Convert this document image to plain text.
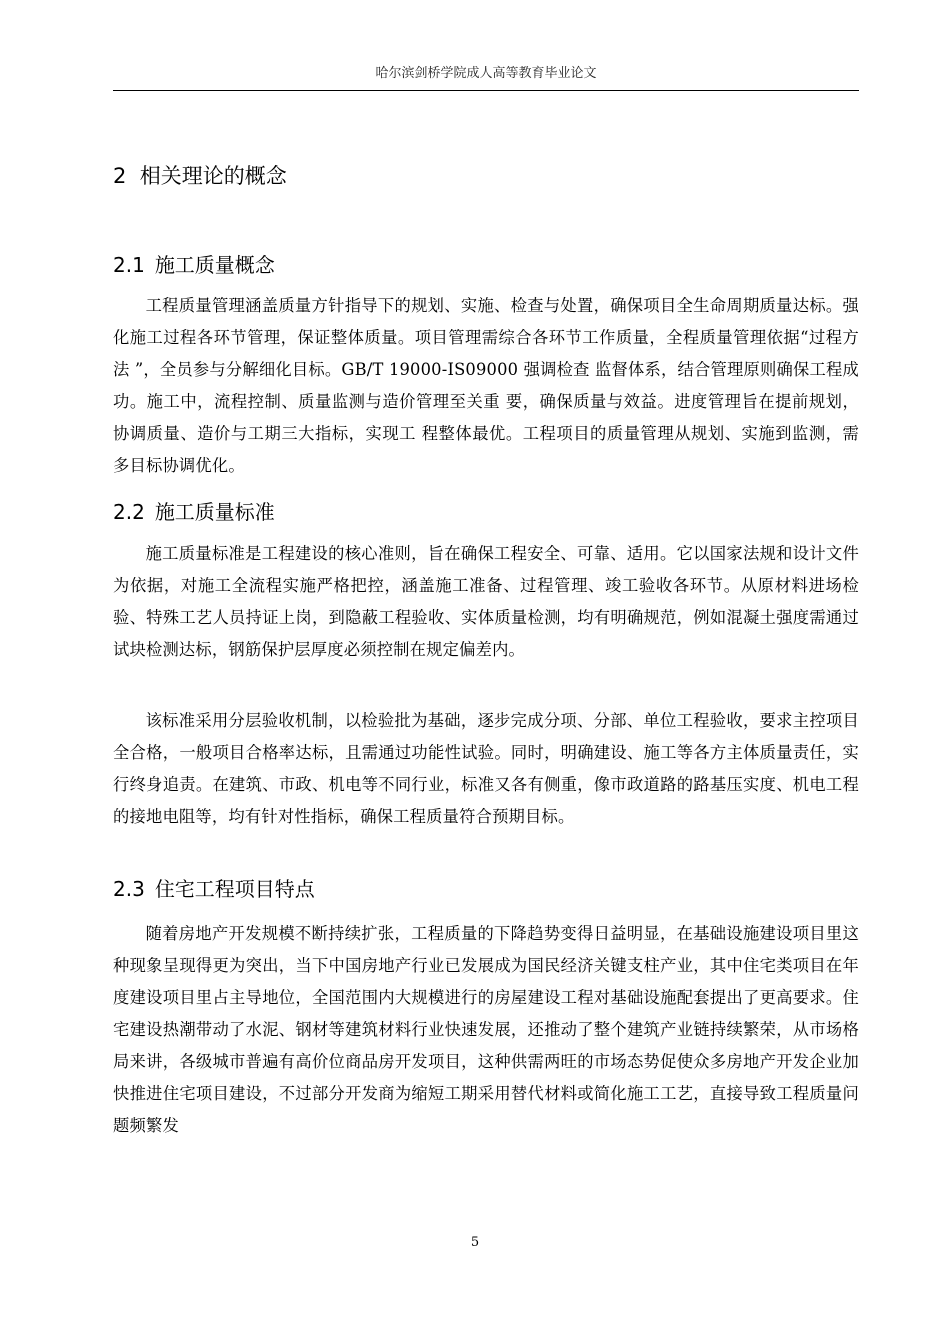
哈尔滨剑桥学院成人高等教育毕业论文
2 相关理论的概念
2.1 施工质量概念

工程质量管理涵盖质量方针指导下的规划、实施、检查与处置，确保项目全生命周期质量达标。强化施工过程各环节管理，保证整体质量。项目管理需综合各环节工作质量，全程质量管理依据“过程方法 ”，全员参与分解细化目标。GB/T 19000-IS09000 强调检查 监督体系，结合管理原则确保工程成功。施工中，流程控制、质量监测与造价管理至关重 要，确保质量与效益。进度管理旨在提前规划，协调质量、造价与工期三大指标，实现工 程整体最优。工程项目的质量管理从规划、实施到监测，需多目标协调优化。

2.2 施工质量标准

施工质量标准是工程建设的核心准则，旨在确保工程安全、可靠、适用。它以国家法规和设计文件为依据，对施工全流程实施严格把控，涵盖施工准备、过程管理、竣工验收各环节。从原材料进场检验、特殊工艺人员持证上岗，到隐蔽工程验收、实体质量检测，均有明确规范，例如混凝土强度需通过试块检测达标，钢筋保护层厚度必须控制在规定偏差内。

该标准采用分层验收机制，以检验批为基础，逐步完成分项、分部、单位工程验收，要求主控项目全合格，一般项目合格率达标，且需通过功能性试验。同时，明确建设、施工等各方主体质量责任，实行终身追责。在建筑、市政、机电等不同行业，标准又各有侧重，像市政道路的路基压实度、机电工程的接地电阻等，均有针对性指标，确保工程质量符合预期目标。

2.3 住宅工程项目特点

随着房地产开发规模不断持续扩张，工程质量的下降趋势变得日益明显，在基础设施建设项目里这种现象呈现得更为突出，当下中国房地产行业已发展成为国民经济关键支柱产业，其中住宅类项目在年度建设项目里占主导地位，全国范围内大规模进行的房屋建设工程对基础设施配套提出了更高要求。住宅建设热潮带动了水泥、钢材等建筑材料行业快速发展，还推动了整个建筑产业链持续繁荣，从市场格局来讲，各级城市普遍有高价位商品房开发项目，这种供需两旺的市场态势促使众多房地产开发企业加快推进住宅项目建设，不过部分开发商为缩短工期采用替代材料或简化施工工艺，直接导致工程质量问题频繁发

5
